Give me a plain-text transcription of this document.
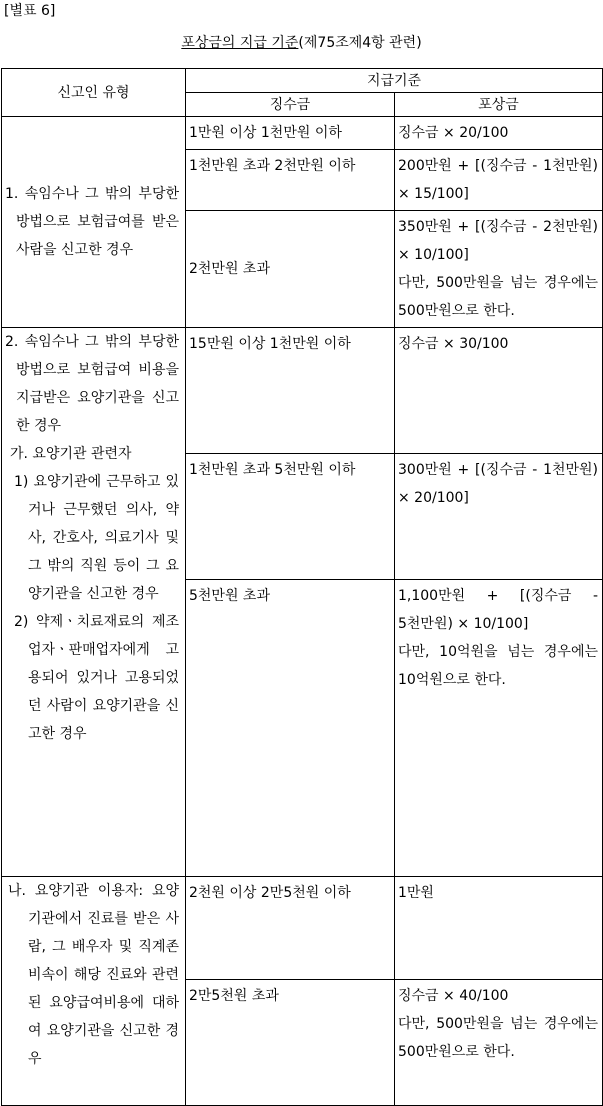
[별표 6]
포상금의 지급 기준(제75조제4항 관련)
신고인 유형	지급기준	
	징수금	포상금

1. 속임수나 그 밖의 부당한 방법으로 보험급여를 받은 사람을 신고한 경우	1만원 이상 1천만원 이하	징수금 × 20/100
	1천만원 초과 2천만원 이하	200만원 + [(징수금 - 1천만원) × 15/100]
	2천만원 초과	350만원 + [(징수금 - 2천만원) × 10/100]
다만, 500만원을 넘는 경우에는 500만원으로 한다.

2. 속임수나 그 밖의 부당한 방법으로 보험급여 비용을 지급받은 요양기관을 신고한 경우
가. 요양기관 관련자
1) 요양기관에 근무하고 있거나 근무했던 의사, 약사, 간호사, 의료기사 및 그 밖의 직원 등이 그 요양기관을 신고한 경우
2) 약제ㆍ치료재료의 제조업자ㆍ판매업자에게 고용되어 있거나 고용되었던 사람이 요양기관을 신고한 경우	15만원 이상 1천만원 이하	징수금 × 30/100
	1천만원 초과 5천만원 이하	300만원 + [(징수금 - 1천만원) × 20/100]
	5천만원 초과	1,100만원 + [(징수금 - 5천만원) × 10/100]
다만, 10억원을 넘는 경우에는 10억원으로 한다.

나. 요양기관 이용자: 요양기관에서 진료를 받은 사람, 그 배우자 및 직계존비속이 해당 진료와 관련된 요양급여비용에 대하여 요양기관을 신고한 경우	2천원 이상 2만5천원 이하	1만원
	2만5천원 초과	징수금 × 40/100
다만, 500만원을 넘는 경우에는 500만원으로 한다.
